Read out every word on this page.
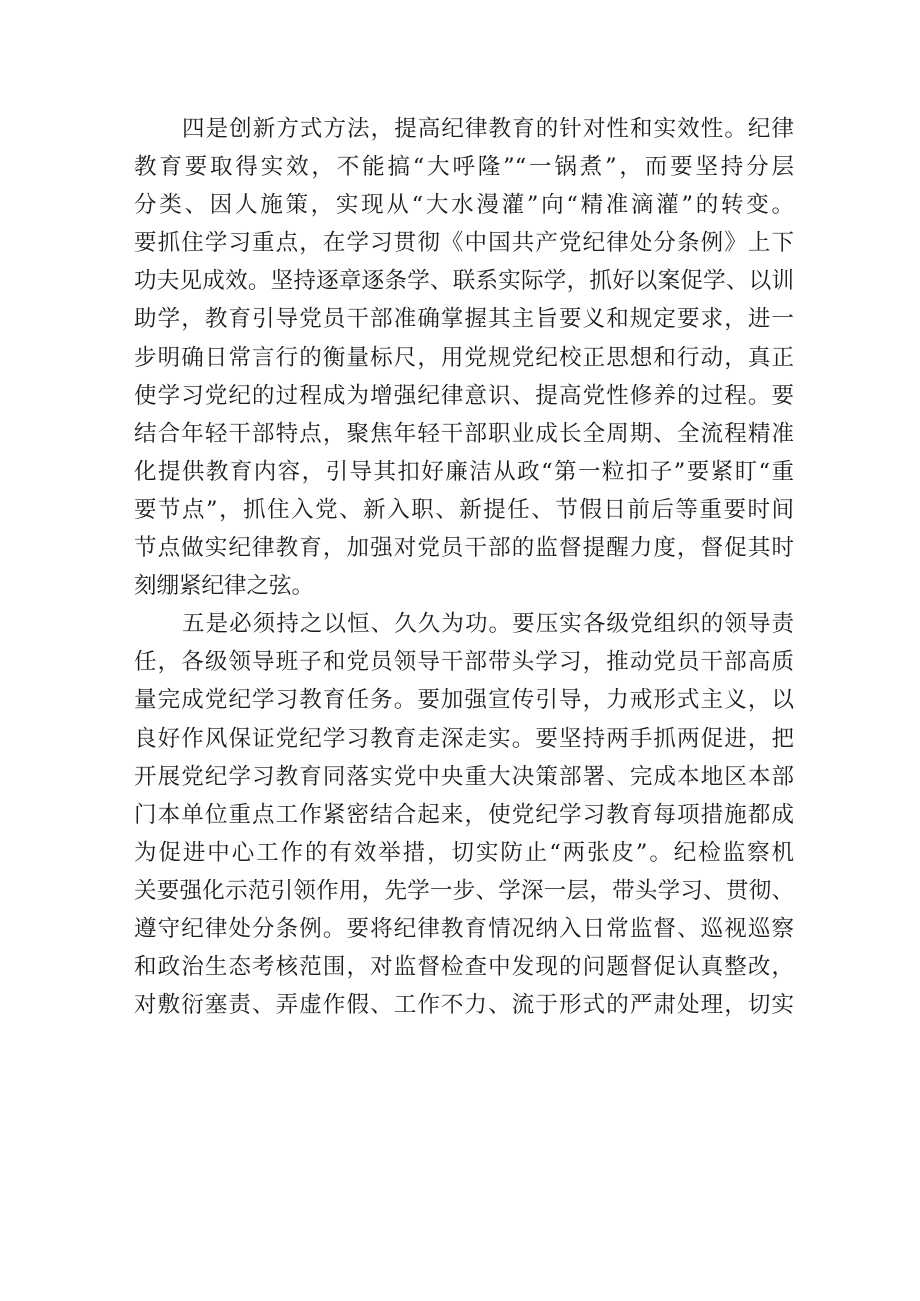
四是创新方式方法，提高纪律教育的针对性和实效性。纪律
教育要取得实效，不能搞“大呼隆”“一锅煮”，而要坚持分层
分类、因人施策，实现从“大水漫灌”向“精准滴灌”的转变。
要抓住学习重点，在学习贯彻《中国共产党纪律处分条例》上下
功夫见成效。坚持逐章逐条学、联系实际学，抓好以案促学、以训
助学，教育引导党员干部准确掌握其主旨要义和规定要求，进一
步明确日常言行的衡量标尺，用党规党纪校正思想和行动，真正
使学习党纪的过程成为增强纪律意识、提高党性修养的过程。要
结合年轻干部特点，聚焦年轻干部职业成长全周期、全流程精准
化提供教育内容，引导其扣好廉洁从政“第一粒扣子”要紧盯“重
要节点”，抓住入党、新入职、新提任、节假日前后等重要时间
节点做实纪律教育，加强对党员干部的监督提醒力度，督促其时
刻绷紧纪律之弦。
五是必须持之以恒、久久为功。要压实各级党组织的领导责
任，各级领导班子和党员领导干部带头学习，推动党员干部高质
量完成党纪学习教育任务。要加强宣传引导，力戒形式主义，以
良好作风保证党纪学习教育走深走实。要坚持两手抓两促进，把
开展党纪学习教育同落实党中央重大决策部署、完成本地区本部
门本单位重点工作紧密结合起来，使党纪学习教育每项措施都成
为促进中心工作的有效举措，切实防止“两张皮”。纪检监察机
关要强化示范引领作用，先学一步、学深一层，带头学习、贯彻、
遵守纪律处分条例。要将纪律教育情况纳入日常监督、巡视巡察
和政治生态考核范围，对监督检查中发现的问题督促认真整改，
对敷衍塞责、弄虚作假、工作不力、流于形式的严肃处理，切实
